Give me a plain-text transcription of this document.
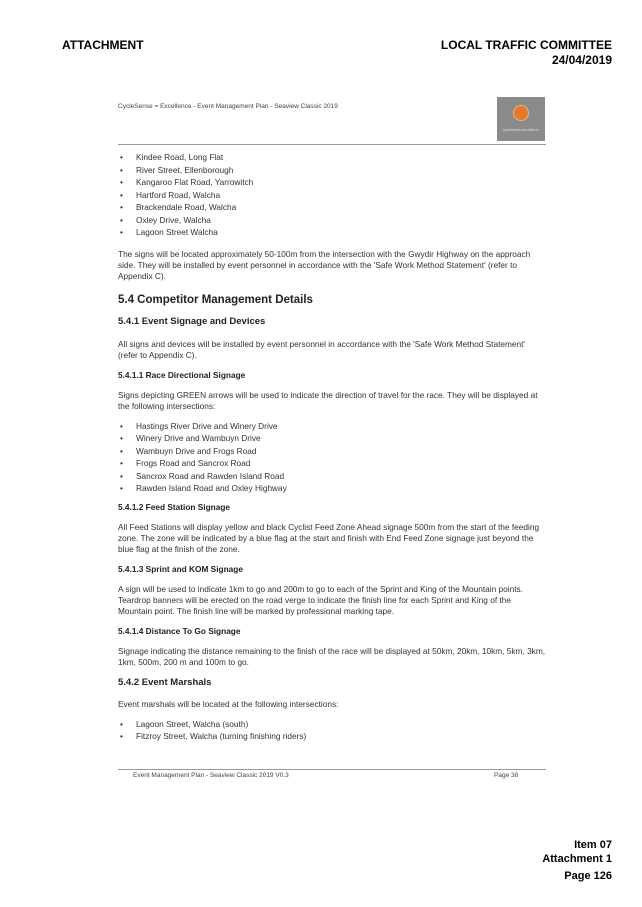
ATTACHMENT	LOCAL TRAFFIC COMMITTEE
24/04/2019
CycleSense = Excellence - Event Management Plan - Seaview Classic 2019
cyclesense=excellence
• Kindee Road, Long Flat
• River Street, Ellenborough
• Kangaroo Flat Road, Yarrowitch
• Hartford Road, Walcha
• Brackendale Road, Walcha
• Oxley Drive, Walcha
• Lagoon Street Walcha

The signs will be located approximately 50-100m from the intersection with the Gwydir Highway on the approach side. They will be installed by event personnel in accordance with the 'Safe Work Method Statement' (refer to Appendix C).

5.4 Competitor Management Details
5.4.1 Event Signage and Devices

All signs and devices will be installed by event personnel in accordance with the 'Safe Work Method Statement' (refer to Appendix C).

5.4.1.1 Race Directional Signage

Signs depicting GREEN arrows will be used to indicate the direction of travel for the race. They will be displayed at the following intersections:

• Hastings River Drive and Winery Drive
• Winery Drive and Wambuyn Drive
• Wambuyn Drive and Frogs Road
• Frogs Road and Sancrox Road
• Sancrox Road and Rawden Island Road
• Rawden Island Road and Oxley Highway
5.4.1.2 Feed Station Signage

All Feed Stations will display yellow and black Cyclist Feed Zone Ahead signage 500m from the start of the feeding zone. The zone will be indicated by a blue flag at the start and finish with End Feed Zone signage just beyond the blue flag at the finish of the zone.

5.4.1.3 Sprint and KOM Signage

A sign will be used to indicate 1km to go and 200m to go to each of the Sprint and King of the Mountain points. Teardrop banners will be erected on the road verge to indicate the finish line for each Sprint and King of the Mountain point. The finish line will be marked by professional marking tape.

5.4.1.4 Distance To Go Signage

Signage indicating the distance remaining to the finish of the race will be displayed at 50km, 20km, 10km, 5km, 3km, 1km, 500m, 200 m and 100m to go.

5.4.2 Event Marshals

Event marshals will be located at the following intersections:

• Lagoon Street, Walcha (south)
• Fitzroy Street, Walcha (turning finishing riders)
Event Management Plan - Seaview Classic 2019 V0.3	Page 38
Item 07
Attachment 1
Page 126
